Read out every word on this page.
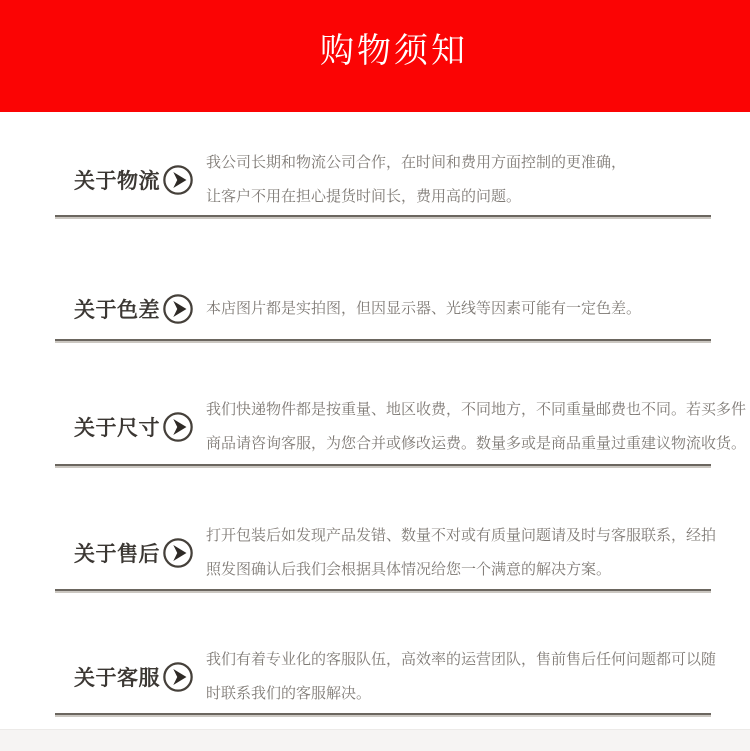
购物须知
关于物流
我公司长期和物流公司合作，在时间和费用方面控制的更准确，
让客户不用在担心提货时间长，费用高的问题。
关于色差	本店图片都是实拍图，但因显示器、光线等因素可能有一定色差。
关于尺寸
我们快递物件都是按重量、地区收费，不同地方，不同重量邮费也不同。若买多件
商品请咨询客服，为您合并或修改运费。数量多或是商品重量过重建议物流收货。
关于售后
打开包装后如发现产品发错、数量不对或有质量问题请及时与客服联系，经拍
照发图确认后我们会根据具体情况给您一个满意的解决方案。
关于客服
我们有着专业化的客服队伍，高效率的运营团队，售前售后任何问题都可以随
时联系我们的客服解决。
